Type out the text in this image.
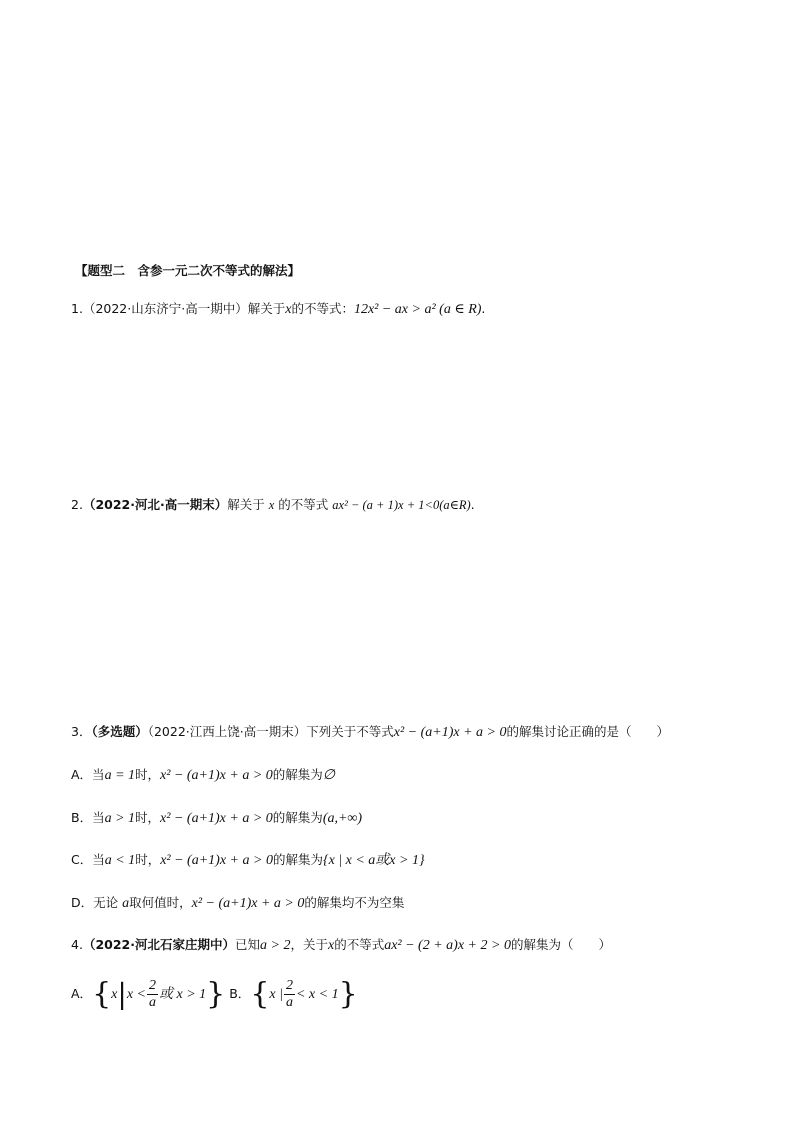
【题型二　含参一元二次不等式的解法】
1.（2022·山东济宁·高一期中）解关于x的不等式：12x² − ax > a² (a ∈ R).
2.（2022·河北·高一期末）解关于 x 的不等式 ax² − (a + 1)x + 1<0(a∈R).
3．（多选题）（2022·江西上饶·高一期末）下列关于不等式x² − (a+1)x + a > 0的解集讨论正确的是（　　）
A．当a = 1时，x² − (a+1)x + a > 0的解集为∅
B．当a > 1时，x² − (a+1)x + a > 0的解集为(a,+∞)
C．当a < 1时，x² − (a+1)x + a > 0的解集为{x | x < a或x > 1}
D．无论 a取何值时，x² − (a+1)x + a > 0的解集均不为空集
4.（2022·河北石家庄期中）已知a > 2，关于x的不等式ax² − (2 + a)x + 2 > 0的解集为（　　）
A．{$x|x < \frac{2}{a}$ 或 x > 1} B．{x | $\frac{2}{a} < x < 1$}
